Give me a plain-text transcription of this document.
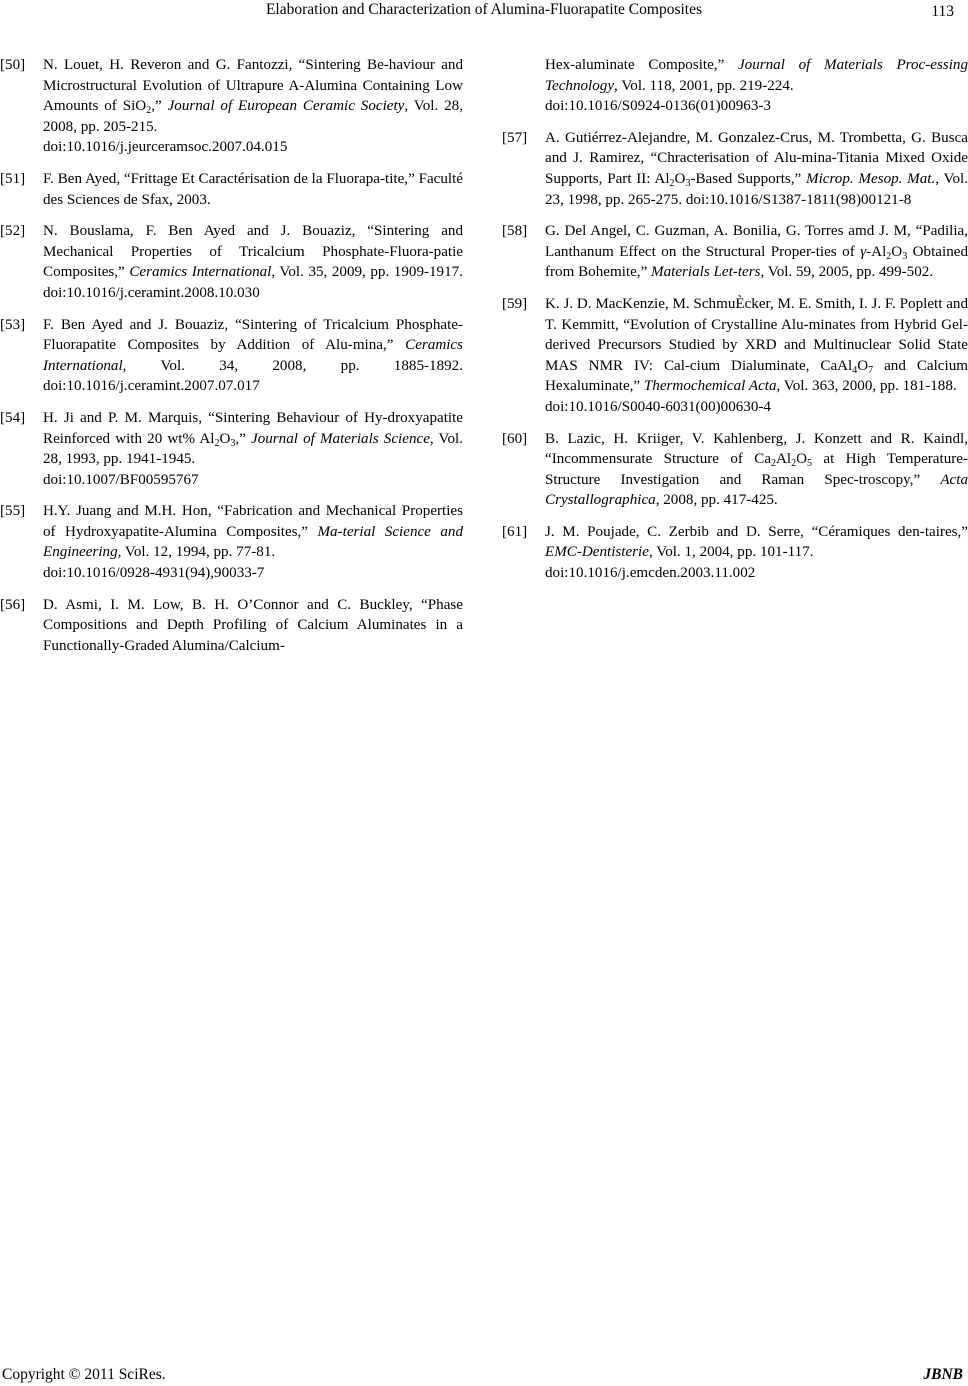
Elaboration and Characterization of Alumina-Fluorapatite Composites	113
[50] N. Louet, H. Reveron and G. Fantozzi, “Sintering Be-haviour and Microstructural Evolution of Ultrapure A-Alumina Containing Low Amounts of SiO$_2$,” Journal of European Ceramic Society, Vol. 28, 2008, pp. 205-215.
doi:10.1016/j.jeurceramsoc.2007.04.015
[51] F. Ben Ayed, “Frittage Et Caractérisation de la Fluorapa-tite,” Faculté des Sciences de Sfax, 2003.
[52] N. Bouslama, F. Ben Ayed and J. Bouaziz, “Sintering and Mechanical Properties of Tricalcium Phosphate-Fluora-patie Composites,” Ceramics International, Vol. 35, 2009, pp. 1909-1917. doi:10.1016/j.ceramint.2008.10.030
[53] F. Ben Ayed and J. Bouaziz, “Sintering of Tricalcium Phosphate-Fluorapatite Composites by Addition of Alu-mina,” Ceramics International, Vol. 34, 2008, pp. 1885-1892. doi:10.1016/j.ceramint.2007.07.017
[54] H. Ji and P. M. Marquis, “Sintering Behaviour of Hy-droxyapatite Reinforced with 20 wt% $Al_2O_3$,” Journal of Materials Science, Vol. 28, 1993, pp. 1941-1945.
doi:10.1007/BF00595767
[55] H.Y. Juang and M.H. Hon, “Fabrication and Mechanical Properties of Hydroxyapatite-Alumina Composites,” Ma-terial Science and Engineering, Vol. 12, 1994, pp. 77-81.
doi:10.1016/0928-4931(94),90033-7
[56] D. Asmi, I. M. Low, B. H. O’Connor and C. Buckley, “Phase Compositions and Depth Profiling of Calcium Aluminates in a Functionally-Graded Alumina/Calcium-
Hex-aluminate Composite,” Journal of Materials Proc-essing Technology, Vol. 118, 2001, pp. 219-224.
doi:10.1016/S0924-0136(01)00963-3
[57] A. Gutiérrez-Alejandre, M. Gonzalez-Crus, M. Trombetta, G. Busca and J. Ramirez, “Chracterisation of Alu-mina-Titania Mixed Oxide Supports, Part II: $Al_2O_3$-Based Supports,” Microp. Mesop. Mat., Vol. 23, 1998, pp. 265-275. doi:10.1016/S1387-1811(98)00121-8
[58] G. Del Angel, C. Guzman, A. Bonilia, G. Torres amd J. M, “Padilia, Lanthanum Effect on the Structural Proper-ties of $\gamma-Al_2O_3$ Obtained from Bohemite,” Materials Let-ters, Vol. 59, 2005, pp. 499-502.
[59] K. J. D. MacKenzie, M. SchmuÈcker, M. E. Smith, I. J. F. Poplett and T. Kemmitt, “Evolution of Crystalline Alu-minates from Hybrid Gel-derived Precursors Studied by XRD and Multinuclear Solid State MAS NMR IV: Cal-cium Dialuminate, $CaAl_4O_7$ and Calcium Hexaluminate,” Thermochemical Acta, Vol. 363, 2000, pp. 181-188.
doi:10.1016/S0040-6031(00)00630-4
[60] B. Lazic, H. Kriiger, V. Kahlenberg, J. Konzett and R. Kaindl, “Incommensurate Structure of $Ca_2Al_2O_5$ at High Temperature-Structure Investigation and Raman Spec-troscopy,” Acta Crystallographica, 2008, pp. 417-425.
[61] J. M. Poujade, C. Zerbib and D. Serre, “Céramiques den-taires,” EMC-Dentisterie, Vol. 1, 2004, pp. 101-117.
doi:10.1016/j.emcden.2003.11.002
Copyright © 2011 SciRes.	JBNB
